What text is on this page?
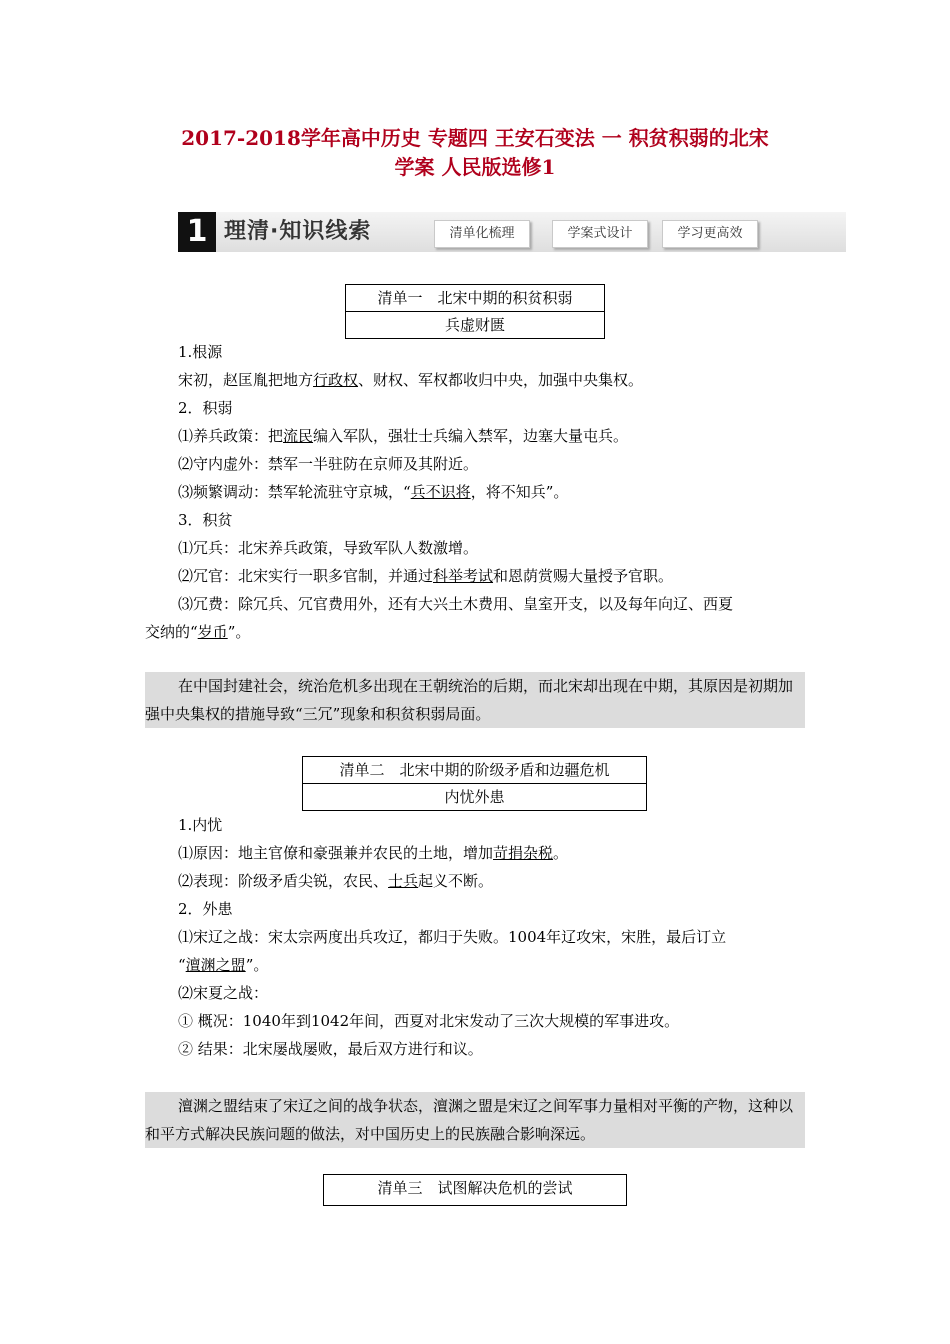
2017-2018学年高中历史 专题四 王安石变法 一 积贫积弱的北宋
学案 人民版选修1
1 理清·知识线索	清单化梳理	学案式设计	学习更高效
清单一　北宋中期的积贫积弱
兵虚财匮
1.根源
宋初，赵匡胤把地方行政权、财权、军权都收归中央，加强中央集权。
2．积弱
⑴养兵政策：把流民编入军队，强壮士兵编入禁军，边塞大量屯兵。
⑵守内虚外：禁军一半驻防在京师及其附近。
⑶频繁调动：禁军轮流驻守京城，“兵不识将，将不知兵”。
3．积贫
⑴冗兵：北宋养兵政策，导致军队人数激增。
⑵冗官：北宋实行一职多官制，并通过科举考试和恩荫赏赐大量授予官职。
⑶冗费：除冗兵、冗官费用外，还有大兴土木费用、皇室开支，以及每年向辽、西夏
交纳的“岁币”。

在中国封建社会，统治危机多出现在王朝统治的后期，而北宋却出现在中期，其原因是初期加强中央集权的措施导致“三冗”现象和积贫积弱局面。

清单二　北宋中期的阶级矛盾和边疆危机
内忧外患
1.内忧
⑴原因：地主官僚和豪强兼并农民的土地，增加苛捐杂税。
⑵表现：阶级矛盾尖锐，农民、士兵起义不断。
2．外患
⑴宋辽之战：宋太宗两度出兵攻辽，都归于失败。1004年辽攻宋，宋胜，最后订立
“澶渊之盟”。
⑵宋夏之战：
① 概况：1040年到1042年间，西夏对北宋发动了三次大规模的军事进攻。
② 结果：北宋屡战屡败，最后双方进行和议。

澶渊之盟结束了宋辽之间的战争状态，澶渊之盟是宋辽之间军事力量相对平衡的产物，这种以和平方式解决民族问题的做法，对中国历史上的民族融合影响深远。

清单三　试图解决危机的尝试
